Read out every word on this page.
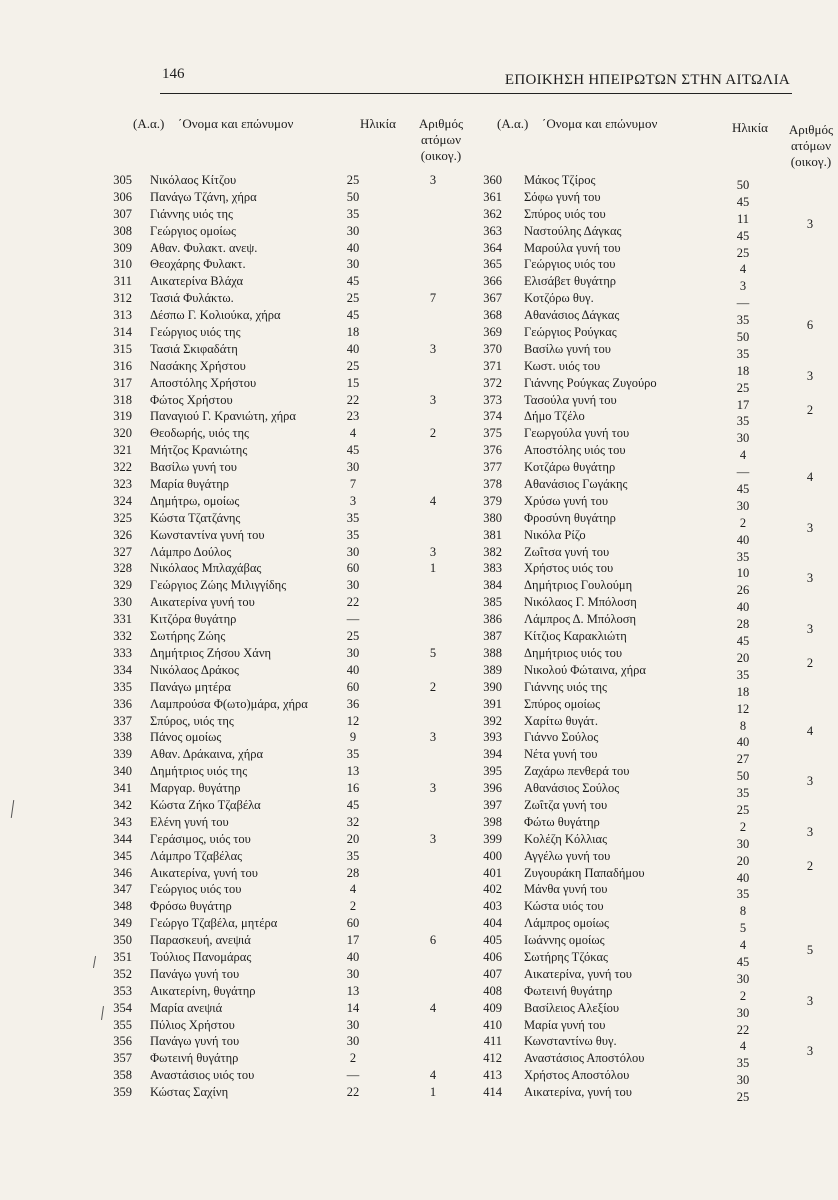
146	ΕΠΟΙΚΗΣΗ ΗΠΕΙΡΩΤΩΝ ΣΤΗΝ ΑΙΤΩΛΙΑ
(Α.α.) ΄Ονομα και επώνυμον	Ηλικία	Αριθμός
ατόμων
(οικογ.)
(Α.α.) ΄Ονομα και επώνυμον	Ηλικία	Αριθμός
ατόμων
(οικογ.)
305 Νικόλαος Κίτζου	25	3
306 Πανάγω Τζάνη, χήρα	50
307 Γιάννης υιός της	35
308 Γεώργιος ομοίως	30
309 Αθαν. Φυλακτ. ανεψ.	40
310 Θεοχάρης Φυλακτ.	30
311 Αικατερίνα Βλάχα	45
312 Τασιά Φυλάκτω.	25	7
313 Δέσπω Γ. Κολιούκα, χήρα	45
314 Γεώργιος υιός της	18
315 Τασιά Σκιφαδάτη	40	3
316 Νασάκης Χρήστου	25
317 Αποστόλης Χρήστου	15
318 Φώτος Χρήστου	22	3
319 Παναγιού Γ. Κρανιώτη, χήρα	23
320 Θεοδωρής, υιός της	4	2
321 Μήτζος Κρανιώτης	45
322 Βασίλω γυνή του	30
323 Μαρία θυγάτηρ	7
324 Δημήτρω, ομοίως	3	4
325 Κώστα Τζατζάνης	35
326 Κωνσταντίνα γυνή του	35
327 Λάμπρο Δούλος	30	3
328 Νικόλαος Μπλαχάβας	60	1
329 Γεώργιος Ζώης Μιλιγγίδης	30
330 Αικατερίνα γυνή του	22
331 Κιτζόρα θυγάτηρ	—
332 Σωτήρης Ζώης	25
333 Δημήτριος Ζήσου Χάνη	30	5
334 Νικόλαος Δράκος	40
335 Πανάγω μητέρα	60	2
336 Λαμπρούσα Φ(ωτο)μάρα, χήρα	36
337 Σπύρος, υιός της	12
338 Πάνος ομοίως	9	3
339 Αθαν. Δράκαινα, χήρα	35
340 Δημήτριος υιός της	13
341 Μαργαρ. θυγάτηρ	16	3
342 Κώστα Ζήκο Τζαβέλα	45
343 Ελένη γυνή του	32
344 Γεράσιμος, υιός του	20	3
345 Λάμπρο Τζαβέλας	35
346 Αικατερίνα, γυνή του	28
347 Γεώργιος υιός του	4
348 Φρόσω θυγάτηρ	2
349 Γεώργο Τζαβέλα, μητέρα	60
350 Παρασκευή, ανεψιά	17	6
351 Τούλιος Πανομάρας	40
352 Πανάγω γυνή του	30
353 Αικατερίνη, θυγάτηρ	13
354 Μαρία ανεψιά	14	4
355 Πύλιος Χρήστου	30
356 Πανάγω γυνή του	30
357 Φωτεινή θυγάτηρ	2
358 Αναστάσιος υιός του	—	4
359 Κώστας Σαχίνη	22	1
360 Μάκος Τζίρος	50
361 Σόφω γυνή του	45
362 Σπύρος υιός του	11	3
363 Ναστούλης Δάγκας	45
364 Μαρούλα γυνή του	25
365 Γεώργιος υιός του	4
366 Ελισάβετ θυγάτηρ	3
367 Κοτζόρω θυγ.	—
368 Αθανάσιος Δάγκας	35	6
369 Γεώργιος Ρούγκας	50
370 Βασίλω γυνή του	35
371 Κωστ. υιός του	18	3
372 Γιάννης Ρούγκας Ζυγούρο	25
373 Τασούλα γυνή του	17	2
374 Δήμο Τζέλο	35
375 Γεωργούλα γυνή του	30
376 Αποστόλης υιός του	4
377 Κοτζάρω θυγάτηρ	—	4
378 Αθανάσιος Γωγάκης	45
379 Χρύσω γυνή του	30
380 Φροσύνη θυγάτηρ	2	3
381 Νικόλα Ρίζο	40
382 Ζωΐτσα γυνή του	35
383 Χρήστος υιός του	10	3
384 Δημήτριος Γουλούμη	26
385 Νικόλαος Γ. Μπόλοση	40
386 Λάμπρος Δ. Μπόλοση	28	3
387 Κίτζιος Καρακλιώτη	45
388 Δημήτριος υιός του	20	2
389 Νικολού Φώταινα, χήρα	35
390 Γιάννης υιός της	18
391 Σπύρος ομοίως	12
392 Χαρίτω θυγάτ.	8	4
393 Γιάννο Σούλος	40
394 Νέτα γυνή του	27
395 Ζαχάρω πενθερά του	50	3
396 Αθανάσιος Σούλος	35
397 Ζωΐτζα γυνή του	25
398 Φώτω θυγάτηρ	2	3
399 Κολέζη Κόλλιας	30
400 Αγγέλω γυνή του	20	2
401 Ζυγουράκη Παπαδήμου	40
402 Μάνθα γυνή του	35
403 Κώστα υιός του	8
404 Λάμπρος ομοίως	5
405 Ιωάννης ομοίως	4	5
406 Σωτήρης Τζόκας	45
407 Αικατερίνα, γυνή του	30
408 Φωτεινή θυγάτηρ	2	3
409 Βασίλειος Αλεξίου	30
410 Μαρία γυνή του	22
411 Κωνσταντίνω θυγ.	4	3
412 Αναστάσιος Αποστόλου	35
413 Χρήστος Αποστόλου	30
414 Αικατερίνα, γυνή του	25
